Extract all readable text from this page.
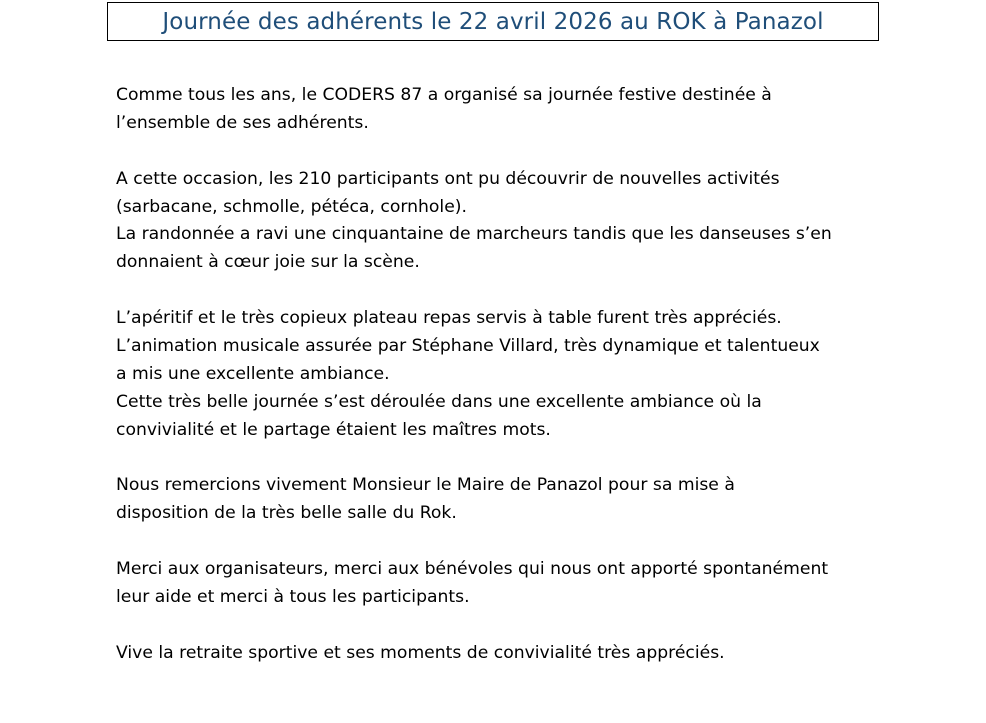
Journée des adhérents le 22 avril 2026 au ROK à Panazol
Comme tous les ans, le CODERS 87 a organisé sa journée festive destinée à
l’ensemble de ses adhérents.
A cette occasion, les 210 participants ont pu découvrir de nouvelles activités
(sarbacane, schmolle, pétéca, cornhole).
La randonnée a ravi une cinquantaine de marcheurs tandis que les danseuses s’en
donnaient à cœur joie sur la scène.
L’apéritif et le très copieux plateau repas servis à table furent très appréciés.
L’animation musicale assurée par Stéphane Villard, très dynamique et talentueux
a mis une excellente ambiance.
Cette très belle journée s’est déroulée dans une excellente ambiance où la
convivialité et le partage étaient les maîtres mots.
Nous remercions vivement Monsieur le Maire de Panazol pour sa mise à
disposition de la très belle salle du Rok.
Merci aux organisateurs, merci aux bénévoles qui nous ont apporté spontanément
leur aide et merci à tous les participants.
Vive la retraite sportive et ses moments de convivialité très appréciés.
